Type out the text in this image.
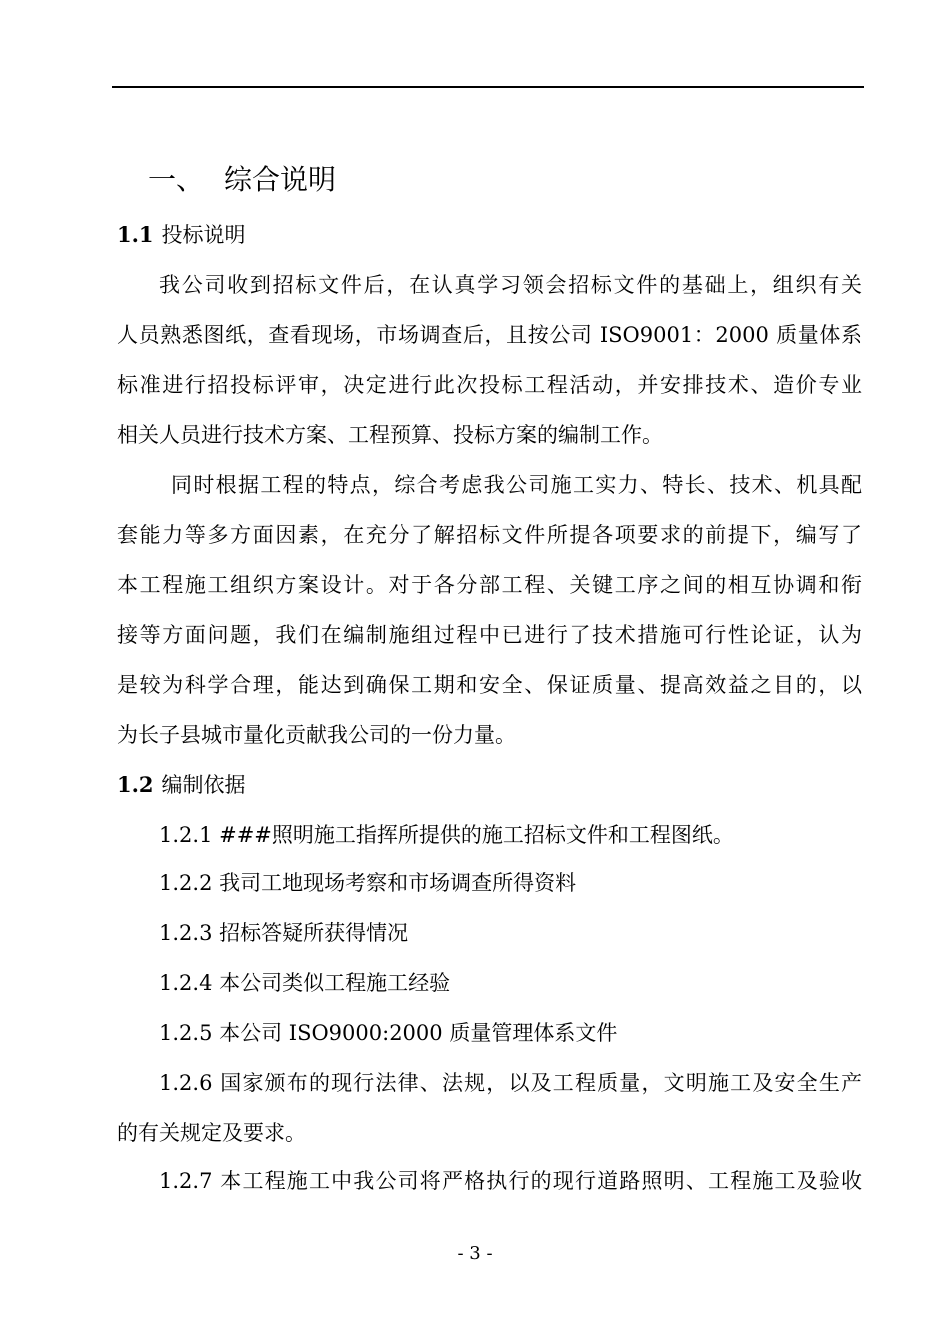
一、 综合说明
1.1 投标说明
我公司收到招标文件后，在认真学习领会招标文件的基础上，组织有关
人员熟悉图纸，查看现场，市场调查后，且按公司 ISO9001：2000 质量体系
标准进行招投标评审，决定进行此次投标工程活动，并安排技术、造价专业
相关人员进行技术方案、工程预算、投标方案的编制工作。
同时根据工程的特点，综合考虑我公司施工实力、特长、技术、机具配
套能力等多方面因素，在充分了解招标文件所提各项要求的前提下，编写了
本工程施工组织方案设计。对于各分部工程、关键工序之间的相互协调和衔
接等方面问题，我们在编制施组过程中已进行了技术措施可行性论证，认为
是较为科学合理，能达到确保工期和安全、保证质量、提高效益之目的，以
为长子县城市量化贡献我公司的一份力量。
1.2 编制依据
1.2.1 ###照明施工指挥所提供的施工招标文件和工程图纸。
1.2.2 我司工地现场考察和市场调查所得资料
1.2.3 招标答疑所获得情况
1.2.4 本公司类似工程施工经验
1.2.5 本公司 ISO9000:2000 质量管理体系文件
1.2.6 国家颁布的现行法律、法规，以及工程质量，文明施工及安全生产
的有关规定及要求。
1.2.7 本工程施工中我公司将严格执行的现行道路照明、工程施工及验收
- 3 -
